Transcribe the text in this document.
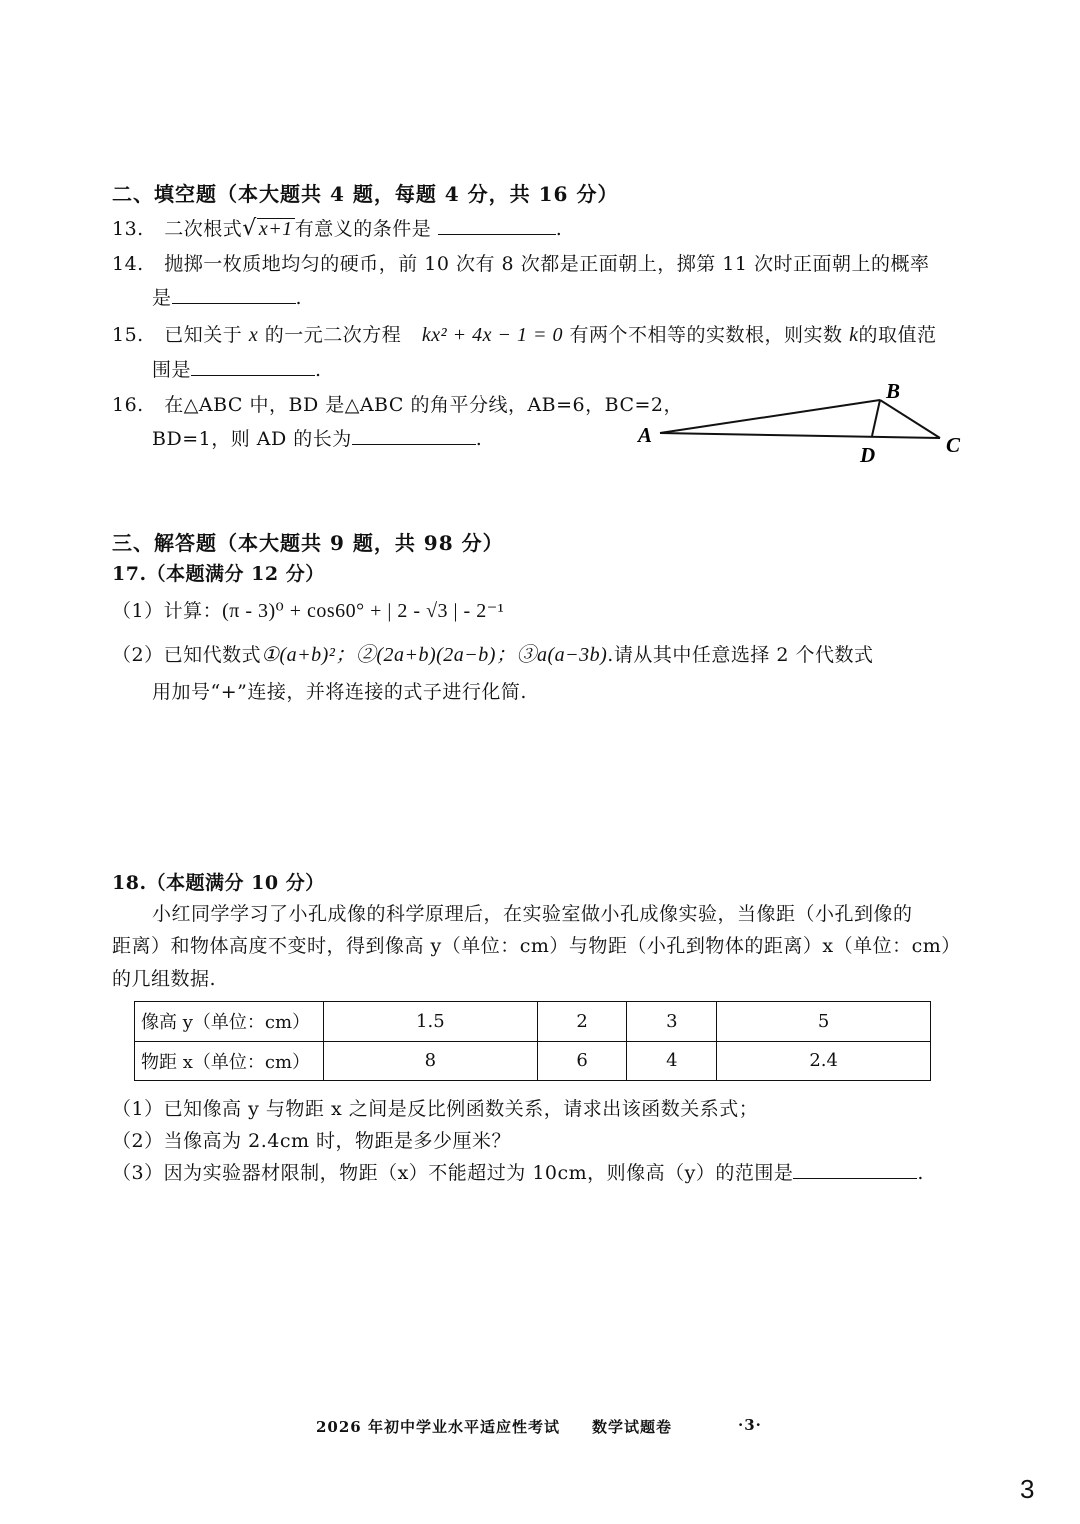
二、填空题（本大题共 4 题，每题 4 分，共 16 分）
13. 二次根式√ x+1 有意义的条件是	.
14. 抛掷一枚质地均匀的硬币，前 10 次有 8 次都是正面朝上，掷第 11 次时正面朝上的概率
是	.
15. 已知关于 x 的一元二次方程 kx² + 4x − 1 = 0 有两个不相等的实数根，则实数 k的取值范
围是	.
16. 在△ABC 中，BD 是△ABC 的角平分线，AB=6，BC=2，
BD=1，则 AD 的长为	.	A
B
C
D
三、解答题（本大题共 9 题，共 98 分）
17.（本题满分 12 分）
（1）计算：(π - 3)⁰ + cos60° + | 2 - √3 | - 2⁻¹
（2）已知代数式①(a+b)²；②(2a+b)(2a−b)；③a(a−3b).请从其中任意选择 2 个代数式
用加号“+”连接，并将连接的式子进行化简.
18.（本题满分 10 分）
小红同学学习了小孔成像的科学原理后，在实验室做小孔成像实验，当像距（小孔到像的
距离）和物体高度不变时，得到像高 y（单位：cm）与物距（小孔到物体的距离）x（单位：cm）
的几组数据.
像高 y（单位：cm）	1.5	2	3	5
物距 x（单位：cm）	8	6	4	2.4
（1）已知像高 y 与物距 x 之间是反比例函数关系，请求出该函数关系式；
（2）当像高为 2.4cm 时，物距是多少厘米？
（3）因为实验器材限制，物距（x）不能超过为 10cm，则像高（y）的范围是	.
2026 年初中学业水平适应性考试　　数学试题卷	·3·
3
